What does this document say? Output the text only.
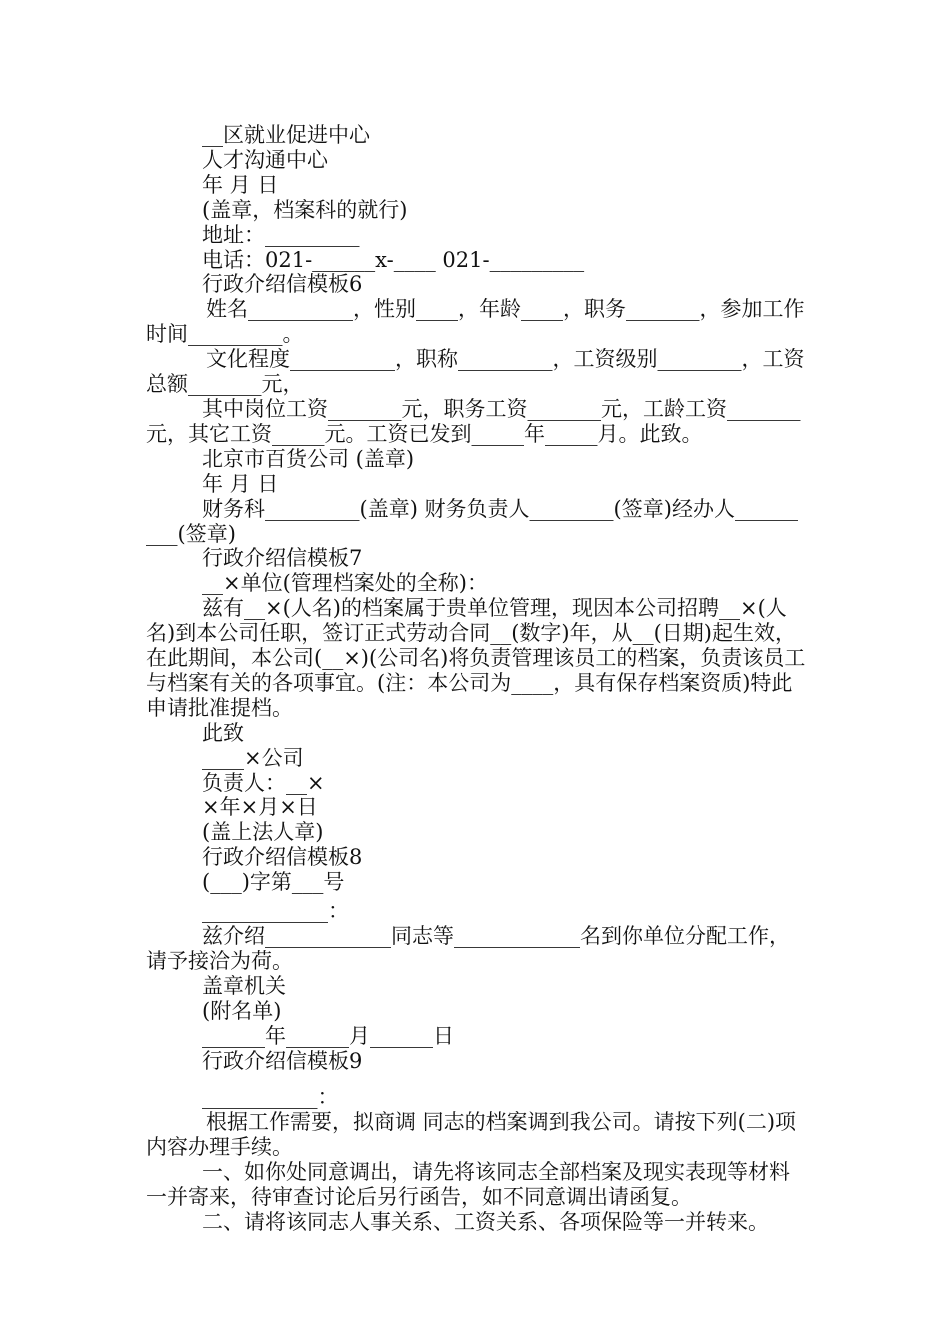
__区就业促进中心
人才沟通中心
年 月 日
(盖章，档案科的就行)
地址：_________
电话：021-______x-____ 021-_________
行政介绍信模板6
姓名__________，性别____，年龄____，职务_______，参加工作时间_________。
文化程度__________，职称_________，工资级别________，工资总额_______元，
其中岗位工资_______元，职务工资_______元，工龄工资_______元，其它工资_____元。工资已发到_____年_____月。此致。
北京市百货公司 (盖章)
年 月 日
财务科_________(盖章) 财务负责人________(签章)经办人_________(签章)
行政介绍信模板7
__×单位(管理档案处的全称)：
兹有__×(人名)的档案属于贵单位管理，现因本公司招聘__×(人名)到本公司任职，签订正式劳动合同__(数字)年，从__(日期)起生效，在此期间，本公司(__×)(公司名)将负责管理该员工的档案，负责该员工与档案有关的各项事宜。(注：本公司为____，具有保存档案资质)特此申请批准提档。
此致
____×公司
负责人：__×
×年×月×日
(盖上法人章)
行政介绍信模板8
(___)字第___号
____________：
兹介绍____________同志等____________名到你单位分配工作，请予接洽为荷。
盖章机关
(附名单)
______年______月______日
行政介绍信模板9
___________：
根据工作需要，拟商调 同志的档案调到我公司。请按下列(二)项内容办理手续。
一、如你处同意调出，请先将该同志全部档案及现实表现等材料一并寄来，待审查讨论后另行函告，如不同意调出请函复。
二、请将该同志人事关系、工资关系、各项保险等一并转来。
